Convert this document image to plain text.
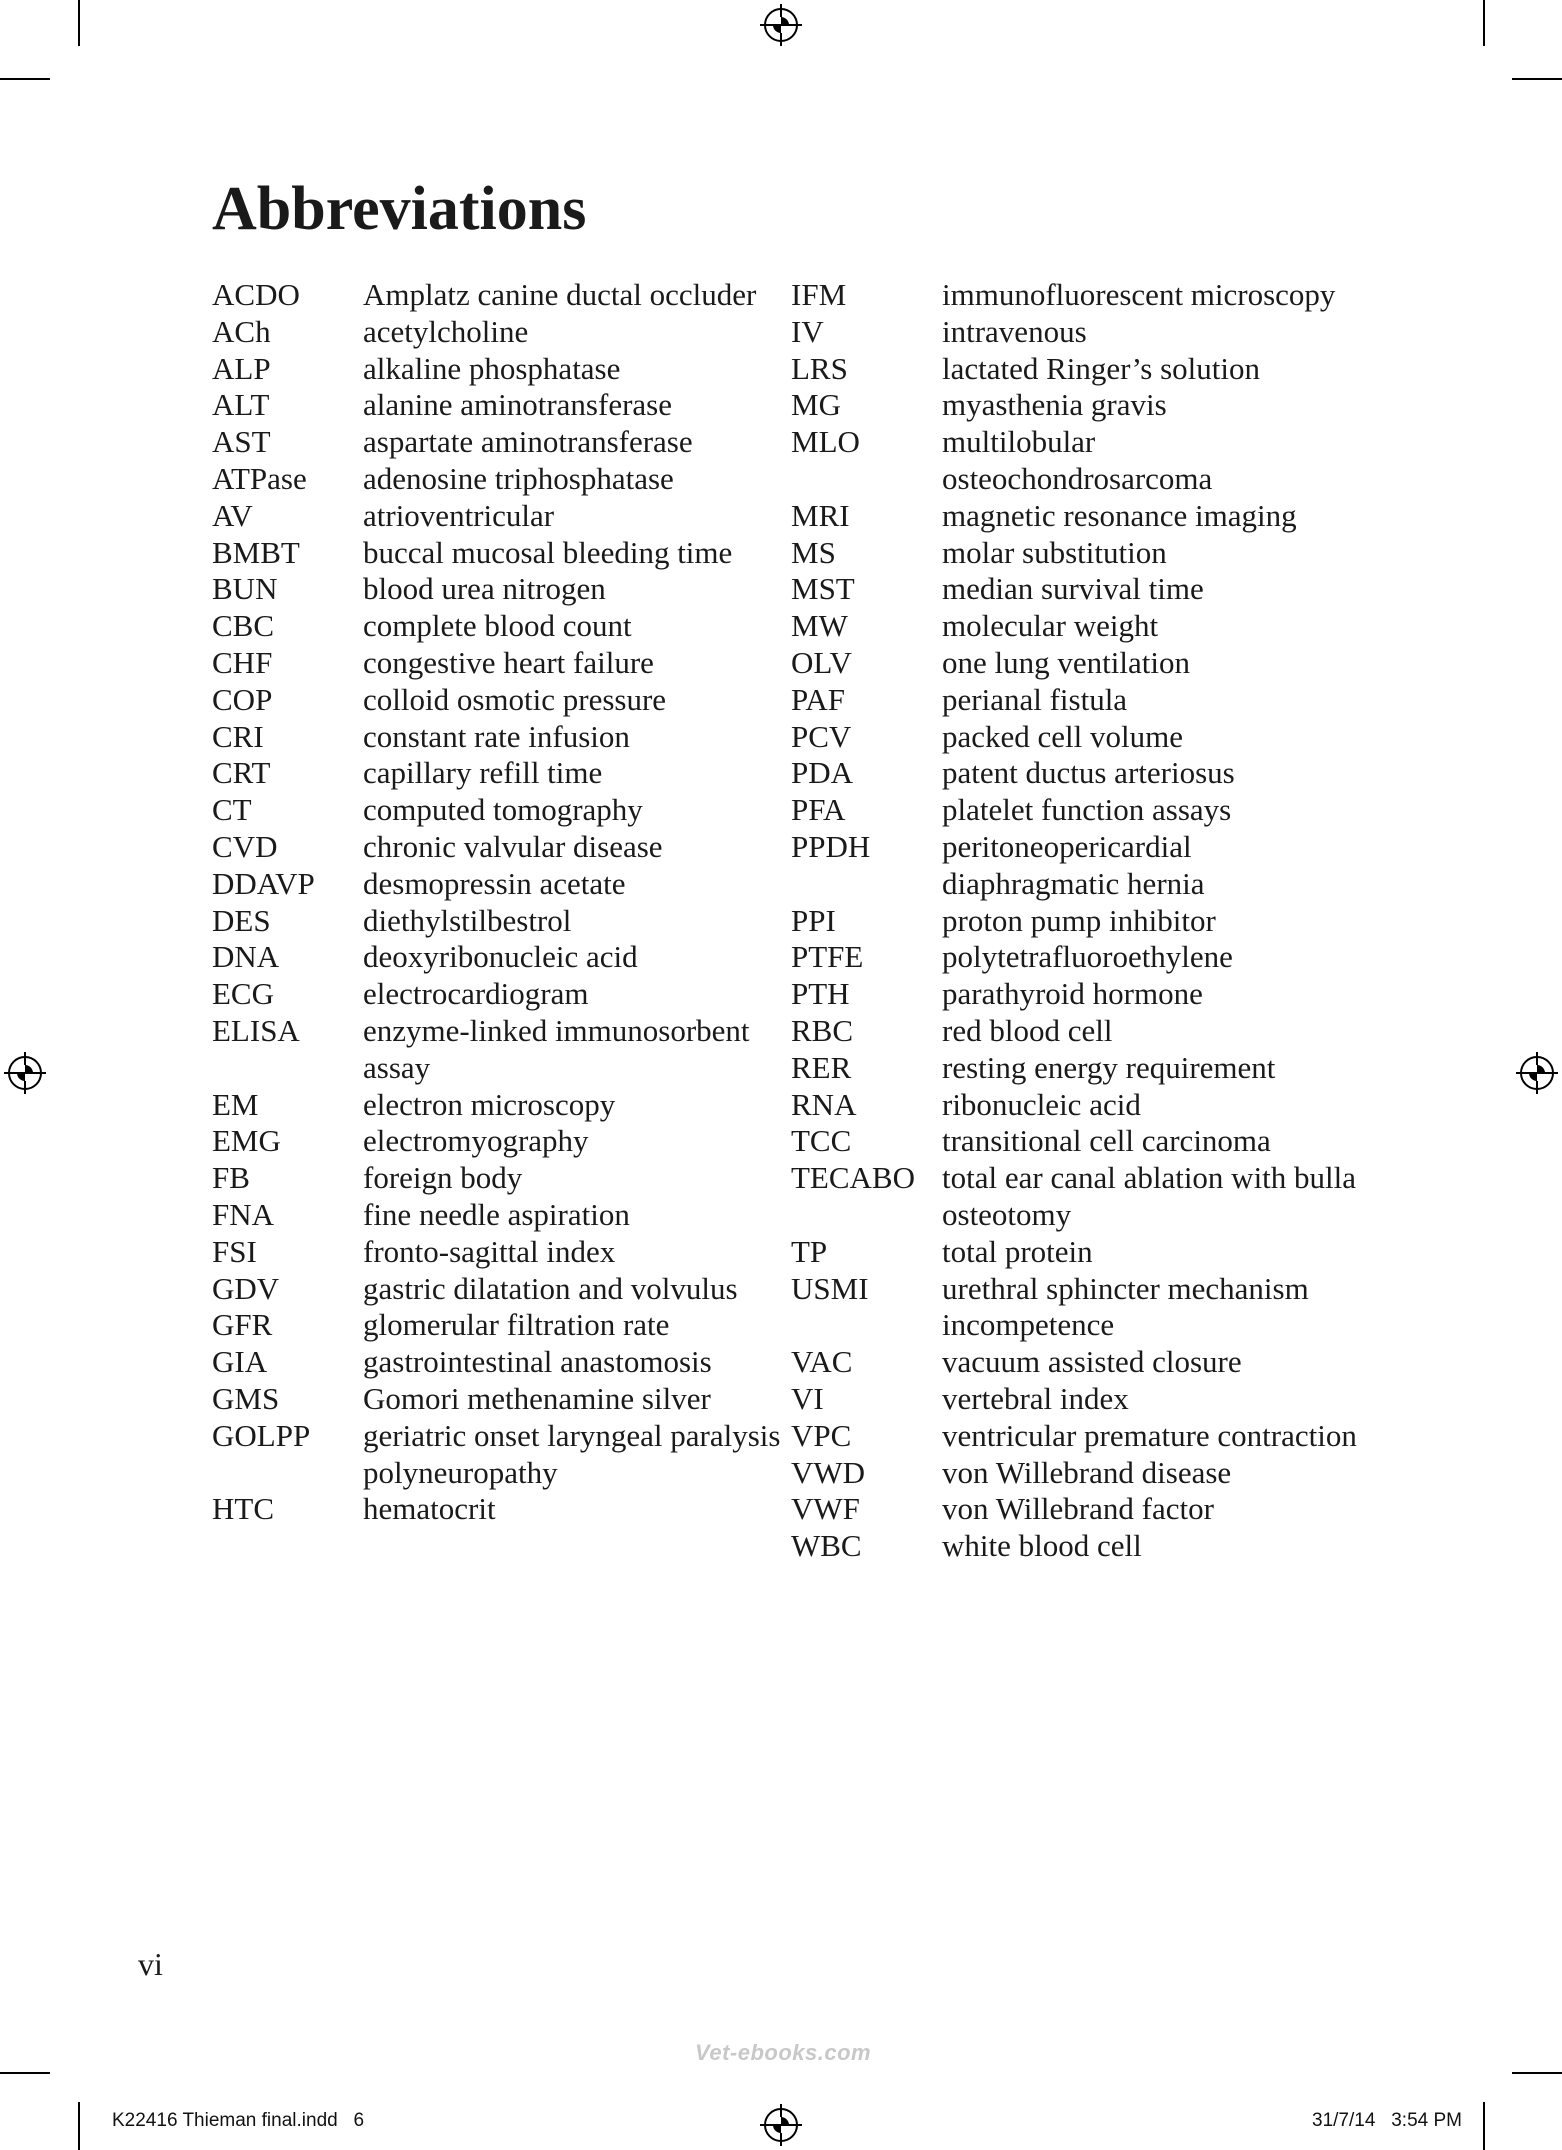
Abbreviations
ACDO	Amplatz canine ductal occluder
ACh	acetylcholine
ALP	alkaline phosphatase
ALT	alanine aminotransferase
AST	aspartate aminotransferase
ATPase	adenosine triphosphatase
AV	atrioventricular
BMBT	buccal mucosal bleeding time
BUN	blood urea nitrogen
CBC	complete blood count
CHF	congestive heart failure
COP	colloid osmotic pressure
CRI	constant rate infusion
CRT	capillary refill time
CT	computed tomography
CVD	chronic valvular disease
DDAVP	desmopressin acetate
DES	diethylstilbestrol
DNA	deoxyribonucleic acid
ECG	electrocardiogram
ELISA	enzyme-linked immunosorbent assay
EM	electron microscopy
EMG	electromyography
FB	foreign body
FNA	fine needle aspiration
FSI	fronto-sagittal index
GDV	gastric dilatation and volvulus
GFR	glomerular filtration rate
GIA	gastrointestinal anastomosis
GMS	Gomori methenamine silver
GOLPP	geriatric onset laryngeal paralysis polyneuropathy
HTC	hematocrit
IFM	immunofluorescent microscopy
IV	intravenous
LRS	lactated Ringer’s solution
MG	myasthenia gravis
MLO	multilobular osteochondrosarcoma
MRI	magnetic resonance imaging
MS	molar substitution
MST	median survival time
MW	molecular weight
OLV	one lung ventilation
PAF	perianal fistula
PCV	packed cell volume
PDA	patent ductus arteriosus
PFA	platelet function assays
PPDH	peritoneopericardial diaphragmatic hernia
PPI	proton pump inhibitor
PTFE	polytetrafluoroethylene
PTH	parathyroid hormone
RBC	red blood cell
RER	resting energy requirement
RNA	ribonucleic acid
TCC	transitional cell carcinoma
TECABO total ear canal ablation with bulla osteotomy
TP	total protein
USMI	urethral sphincter mechanism incompetence
VAC	vacuum assisted closure
VI	vertebral index
VPC	ventricular premature contraction
VWD	von Willebrand disease
VWF	von Willebrand factor
WBC	white blood cell
vi
Vet-ebooks.com
K22416 Thieman final.indd   6	31/7/14   3:54 PM
